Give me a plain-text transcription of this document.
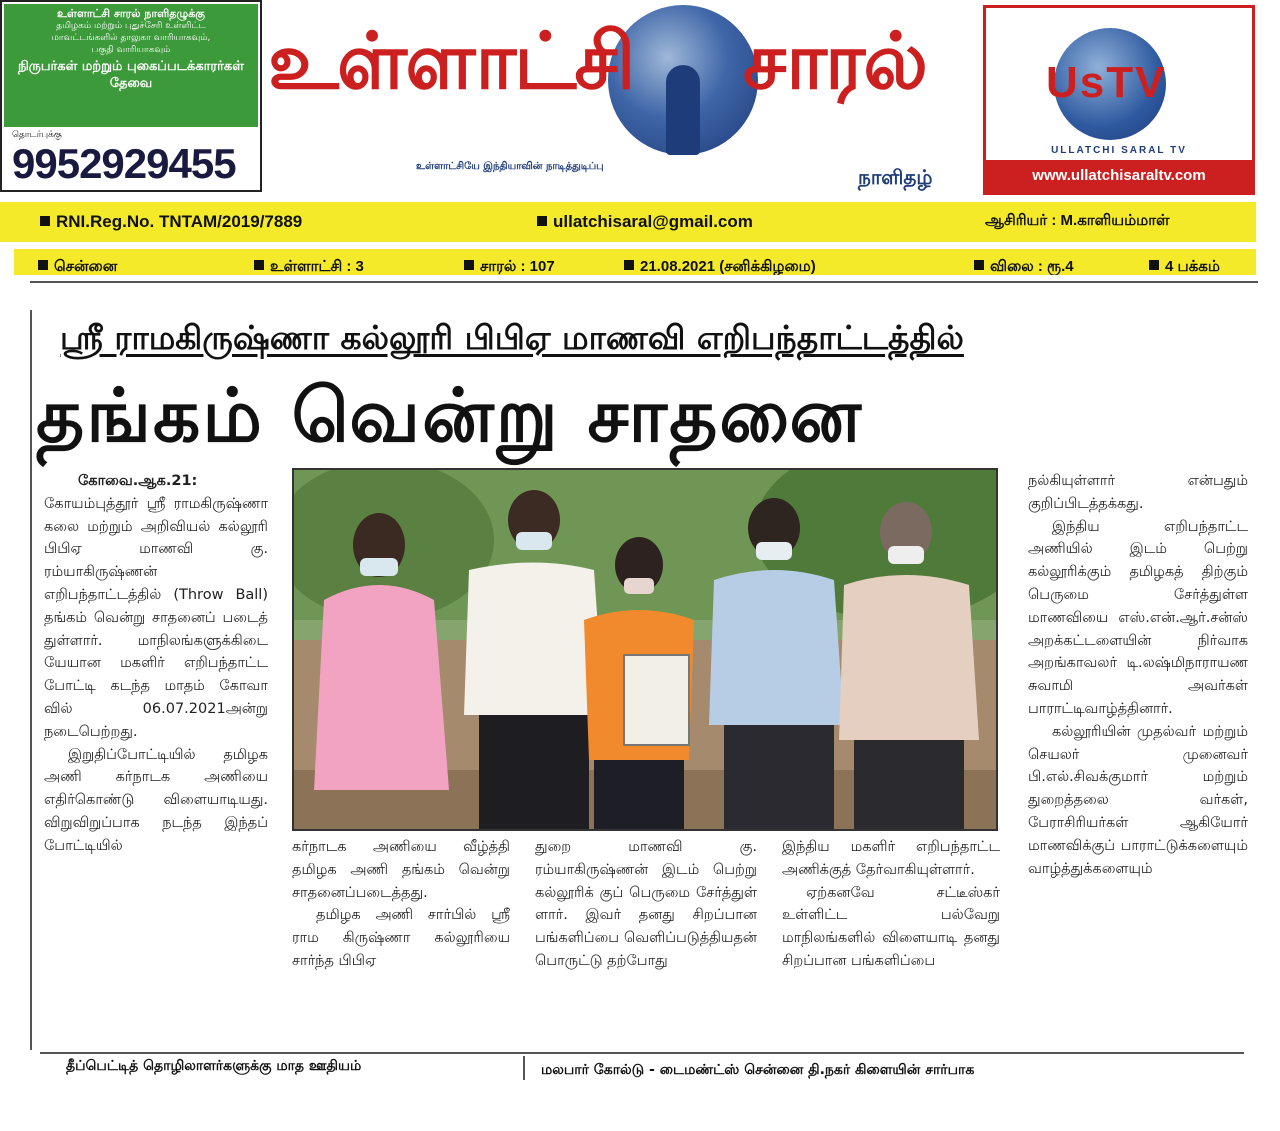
உள்ளாட்சி சாரல் நாளிதழுக்கு
தமிழகம் மற்றும் புதுச்சேரி உள்ளிட்ட
மாவட்டங்களில் தாலுகா வாரியாகவும்,
பகுதி வாரியாகவும்
நிருபர்கள் மற்றும் புகைப்படக்காரர்கள் தேவை
தொடர்புக்கு
9952929455
உள்ளாட்சி சாரல்
உள்ளாட்சியே இந்தியாவின் நாடித்துடிப்பு	நாளிதழ்
UsTV
ULLATCHI SARAL TV
www.ullatchisaraltv.com
RNI.Reg.No. TNTAM/2019/7889	ullatchisaral@gmail.com	ஆசிரியர் : M.காளியம்மாள்
சென்னை	உள்ளாட்சி : 3	சாரல் : 107	21.08.2021 (சனிக்கிழமை)	விலை : ரூ.4	4 பக்கம்
ஸ்ரீ ராமகிருஷ்ணா கல்லூரி பிபிஏ மாணவி எறிபந்தாட்டத்தில்
தங்கம் வென்று சாதனை

கோவை.ஆக.21:

கோயம்புத்தூர் ஸ்ரீ ராமகிருஷ்ணா கலை மற்றும் அறிவியல் கல்லூரி பிபிஏ மாணவி கு. ரம்யாகிருஷ்ணன் எறிபந்தாட்டத்தில் (Throw Ball) தங்கம் வென்று சாதனைப் படைத் துள்ளார். மாநிலங்களுக்கிடை யேயான மகளிர் எறிபந்தாட்ட போட்டி கடந்த மாதம் கோவா வில் 06.07.2021அன்று நடைபெற்றது.

இறுதிப்போட்டியில் தமிழக அணி கர்நாடக அணியை எதிர்கொண்டு விளையாடியது. விறுவிறுப்பாக நடந்த இந்தப் போட்டியில்	கர்நாடக அணியை வீழ்த்தி தமிழக அணி தங்கம் வென்று சாதனைப்படைத்தது.

தமிழக அணி சார்பில் ஸ்ரீ ராம கிருஷ்ணா கல்லூரியை சார்ந்த பிபிஏ

துறை மாணவி கு. ரம்யாகிருஷ்ணன் இடம் பெற்று கல்லூரிக் குப் பெருமை சேர்த்துள் ளார். இவர் தனது சிறப்பான பங்களிப்பை வெளிப்படுத்தியதன் பொருட்டு தற்போது

இந்திய மகளிர் எறிபந்தாட்ட அணிக்குத் தேர்வாகியுள்ளார்.

ஏற்கனவே சட்டீஸ்கர் உள்ளிட்ட பல்வேறு மாநிலங்களில் விளையாடி தனது சிறப்பான பங்களிப்பை

நல்கியுள்ளார் என்பதும் குறிப்பிடத்தக்கது.

இந்திய எறிபந்தாட்ட அணியில் இடம் பெற்று கல்லூரிக்கும் தமிழகத் திற்கும் பெருமை சேர்த்துள்ள மாணவியை எஸ்.என்.ஆர்.சன்ஸ் அறக்கட்டளையின் நிர்வாக அறங்காவலர் டி.லஷ்மிநாராயண சுவாமி அவர்கள் பாராட்டிவாழ்த்தினார்.

கல்லூரியின் முதல்வர் மற்றும் செயலர் முனைவர் பி.எல்.சிவக்குமார் மற்றும் துறைத்தலை வர்கள், பேராசிரியர்கள் ஆகியோர் மாணவிக்குப் பாராட்டுக்களையும் வாழ்த்துக்களையும்

தீப்பெட்டித் தொழிலாளர்களுக்கு மாத ஊதியம்	மலபார் கோல்டு - டைமண்ட்ஸ் சென்னை தி.நகர் கிளையின் சார்பாக
